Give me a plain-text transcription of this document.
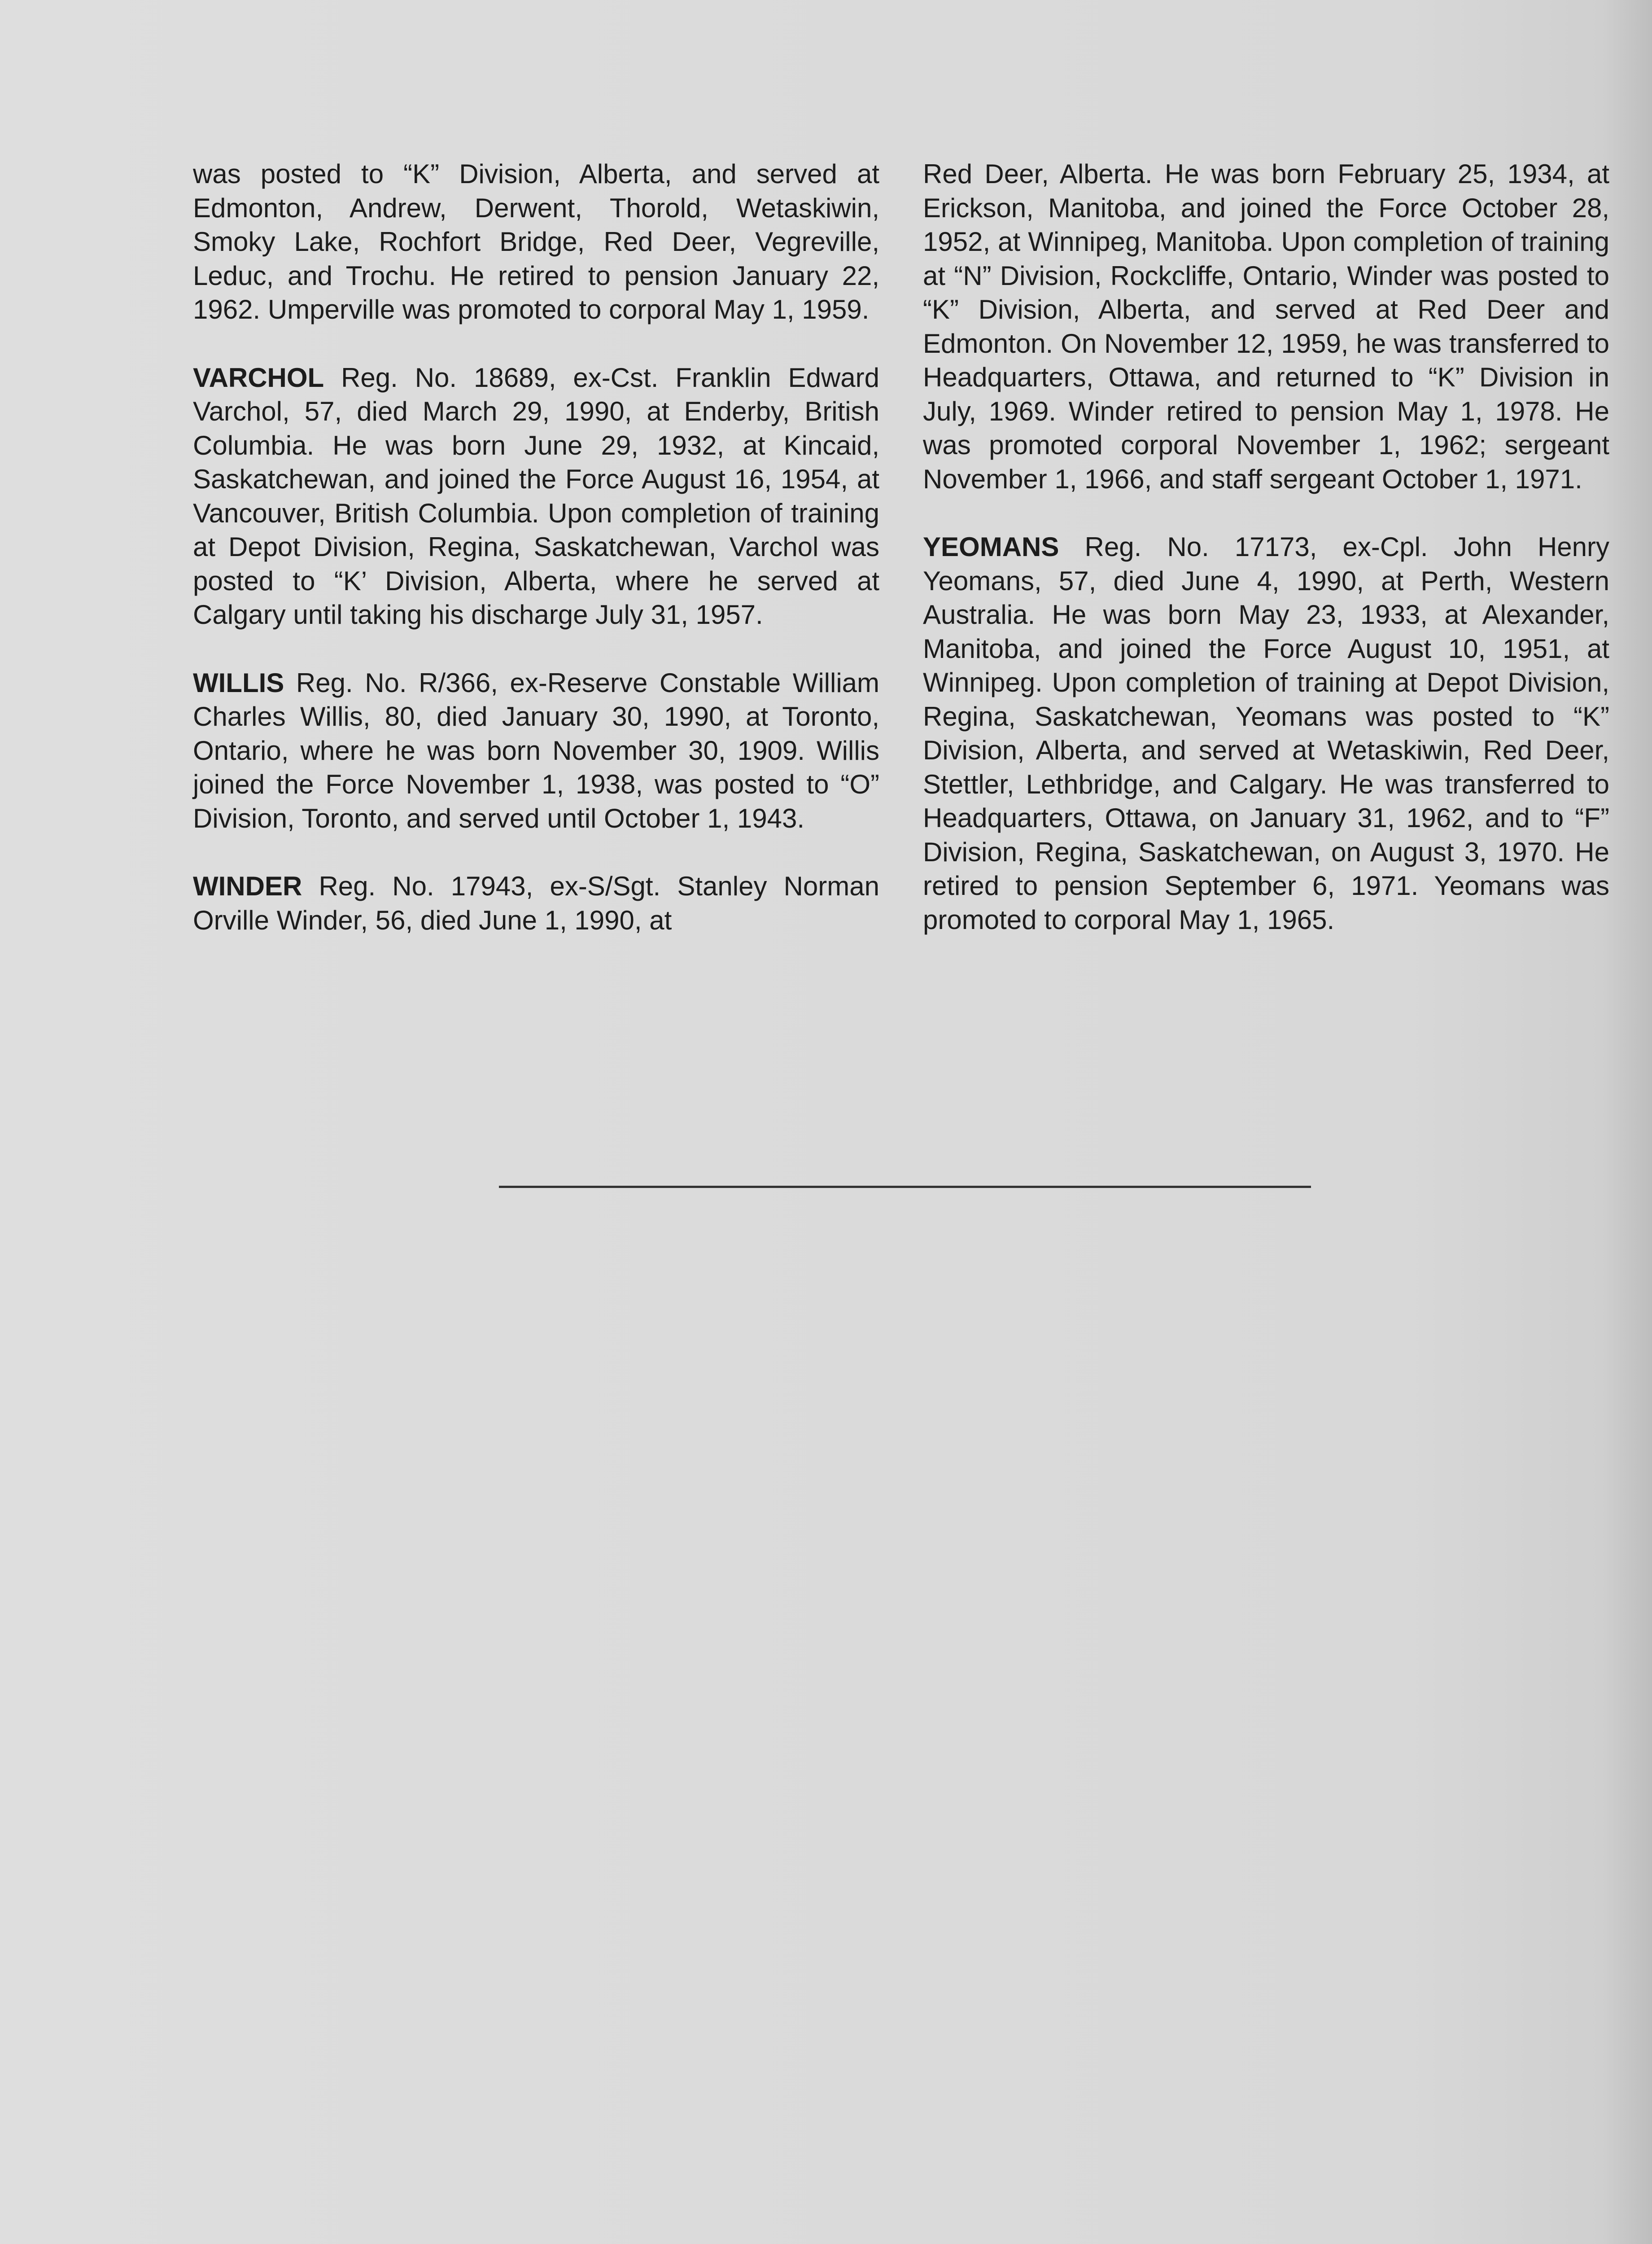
was posted to “K” Division, Alberta, and served at Edmonton, Andrew, Derwent, Thorold, Wetaskiwin, Smoky Lake, Rochfort Bridge, Red Deer, Vegreville, Leduc, and Trochu. He retired to pension January 22, 1962. Umperville was promoted to corporal May 1, 1959.

VARCHOL Reg. No. 18689, ex-Cst. Franklin Edward Varchol, 57, died March 29, 1990, at Enderby, British Columbia. He was born June 29, 1932, at Kincaid, Saskatchewan, and joined the Force August 16, 1954, at Vancouver, British Columbia. Upon completion of training at Depot Division, Regina, Saskatchewan, Varchol was posted to “K’ Division, Alberta, where he served at Calgary until taking his discharge July 31, 1957.

WILLIS Reg. No. R/366, ex-Reserve Constable William Charles Willis, 80, died January 30, 1990, at Toronto, Ontario, where he was born November 30, 1909. Willis joined the Force November 1, 1938, was posted to “O” Division, Toronto, and served until October 1, 1943.

WINDER Reg. No. 17943, ex-S/Sgt. Stanley Norman Orville Winder, 56, died June 1, 1990, at

Red Deer, Alberta. He was born February 25, 1934, at Erickson, Manitoba, and joined the Force October 28, 1952, at Winnipeg, Manitoba. Upon completion of training at “N” Division, Rockcliffe, Ontario, Winder was posted to “K” Division, Alberta, and served at Red Deer and Edmonton. On November 12, 1959, he was transferred to Headquarters, Ottawa, and returned to “K” Division in July, 1969. Winder retired to pension May 1, 1978. He was promoted corporal November 1, 1962; sergeant November 1, 1966, and staff sergeant October 1, 1971.

YEOMANS Reg. No. 17173, ex-Cpl. John Henry Yeomans, 57, died June 4, 1990, at Perth, Western Australia. He was born May 23, 1933, at Alexander, Manitoba, and joined the Force August 10, 1951, at Winnipeg. Upon completion of training at Depot Division, Regina, Saskatchewan, Yeomans was posted to “K” Division, Alberta, and served at Wetaskiwin, Red Deer, Stettler, Lethbridge, and Calgary. He was transferred to Headquarters, Ottawa, on January 31, 1962, and to “F” Division, Regina, Saskatchewan, on August 3, 1970. He retired to pension September 6, 1971. Yeomans was promoted to corporal May 1, 1965.
